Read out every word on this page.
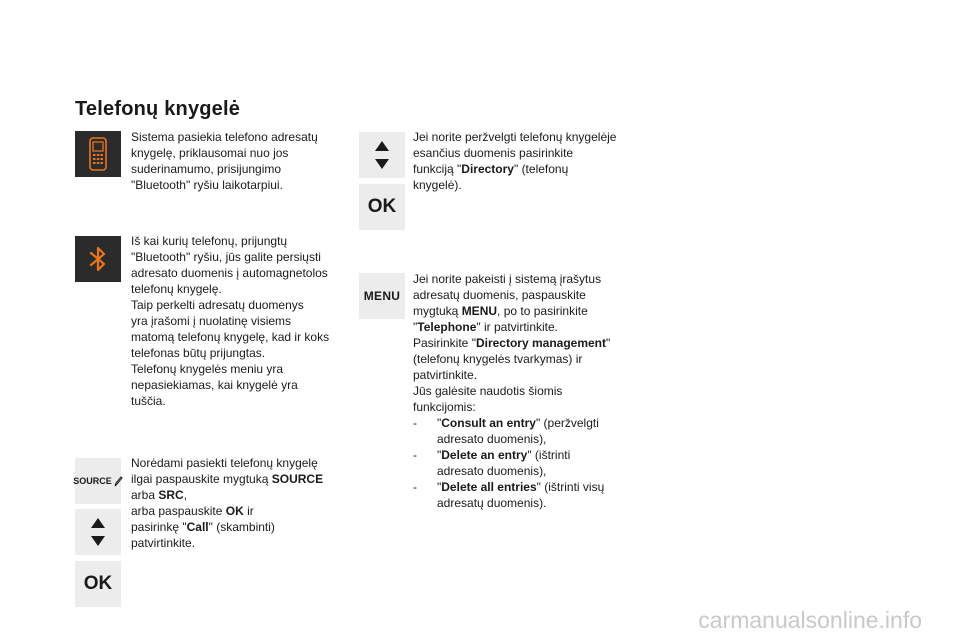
Telefonų knygelė
SOURCE
OK
Sistema pasiekia telefono adresatų
knygelę, priklausomai nuo jos
suderinamumo, prisijungimo
"Bluetooth" ryšiu laikotarpiui.
Iš kai kurių telefonų, prijungtų
"Bluetooth" ryšiu, jūs galite persiųsti
adresato duomenis į automagnetolos
telefonų knygelę.
Taip perkelti adresatų duomenys
yra įrašomi į nuolatinę visiems
matomą telefonų knygelę, kad ir koks
telefonas būtų prijungtas.
Telefonų knygelės meniu yra
nepasiekiamas, kai knygelė yra
tuščia.
Norėdami pasiekti telefonų knygelę
ilgai paspauskite mygtuką SOURCE
arba SRC,
arba paspauskite OK ir
pasirinkę "Call" (skambinti)
patvirtinkite.
OK
MENU
Jei norite peržvelgti telefonų knygelėje
esančius duomenis pasirinkite
funkciją "Directory" (telefonų
knygelė).
Jei norite pakeisti į sistemą įrašytus
adresatų duomenis, paspauskite
mygtuką MENU, po to pasirinkite
"Telephone" ir patvirtinkite.
Pasirinkite "Directory management"
(telefonų knygelės tvarkymas) ir
patvirtinkite.
Jūs galėsite naudotis šiomis
funkcijomis:
- "Consult an entry" (peržvelgti
adresato duomenis),
- "Delete an entry" (ištrinti
adresato duomenis),
- "Delete all entries" (ištrinti visų
adresatų duomenis).
carmanualsonline.info
